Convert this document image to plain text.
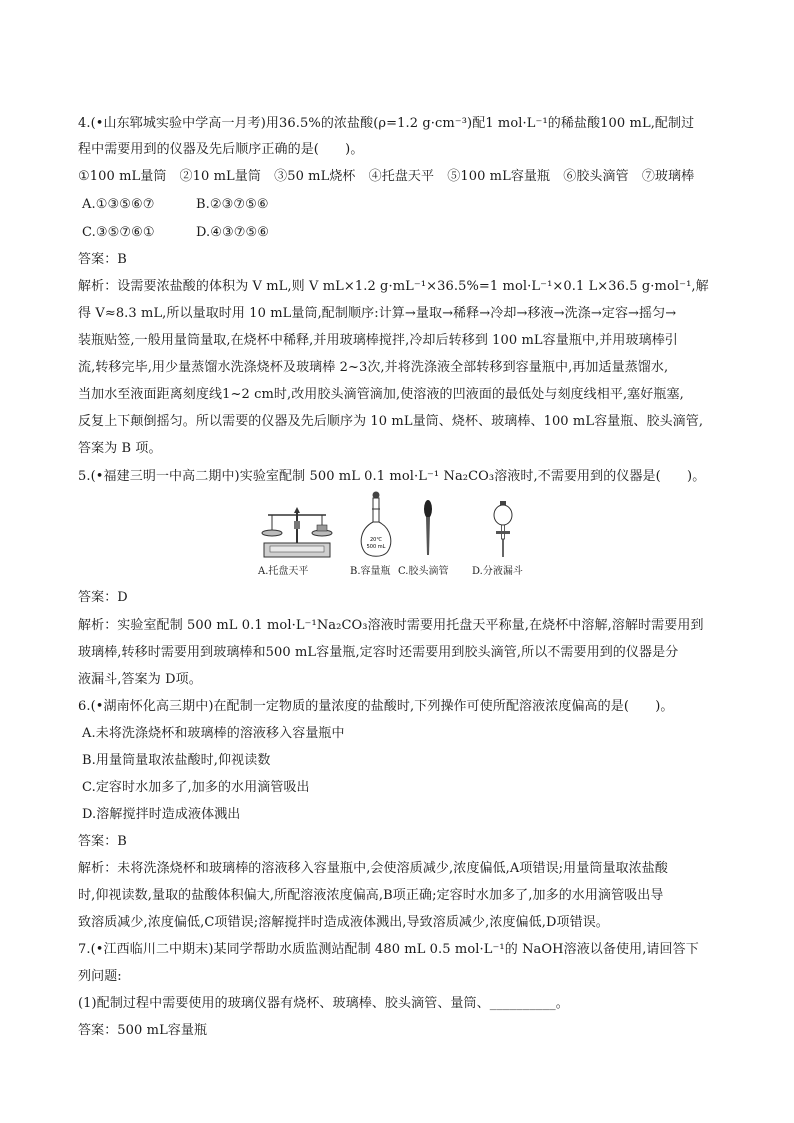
4.(•山东郓城实验中学高一月考)用36.5%的浓盐酸(ρ=1.2 g·cm⁻³)配1 mol·L⁻¹的稀盐酸100 mL,配制过
程中需要用到的仪器及先后顺序正确的是(　　)。
①100 mL量筒　②10 mL量筒　③50 mL烧杯　④托盘天平　⑤100 mL容量瓶　⑥胶头滴管　⑦玻璃棒
A.①③⑤⑥⑦	B.②③⑦⑤⑥
C.③⑤⑦⑥①	D.④③⑦⑤⑥
答案：B
解析：设需要浓盐酸的体积为 V mL,则 V mL×1.2 g·mL⁻¹×36.5%=1 mol·L⁻¹×0.1 L×36.5 g·mol⁻¹,解
得 V≈8.3 mL,所以量取时用 10 mL量筒,配制顺序:计算→量取→稀释→冷却→移液→洗涤→定容→摇匀→
装瓶贴签,一般用量筒量取,在烧杯中稀释,并用玻璃棒搅拌,冷却后转移到 100 mL容量瓶中,并用玻璃棒引
流,转移完毕,用少量蒸馏水洗涤烧杯及玻璃棒 2~3次,并将洗涤液全部转移到容量瓶中,再加适量蒸馏水,
当加水至液面距离刻度线1~2 cm时,改用胶头滴管滴加,使溶液的凹液面的最低处与刻度线相平,塞好瓶塞,
反复上下颠倒摇匀。所以需要的仪器及先后顺序为 10 mL量筒、烧杯、玻璃棒、100 mL容量瓶、胶头滴管,
答案为 B 项。
5.(•福建三明一中高二期中)实验室配制 500 mL 0.1 mol·L⁻¹ Na₂CO₃溶液时,不需要用到的仪器是(　　)。
20℃
500 mL
A.托盘天平	B.容量瓶 C.胶头滴管 D.分液漏斗
答案：D
解析：实验室配制 500 mL 0.1 mol·L⁻¹Na₂CO₃溶液时需要用托盘天平称量,在烧杯中溶解,溶解时需要用到
玻璃棒,转移时需要用到玻璃棒和500 mL容量瓶,定容时还需要用到胶头滴管,所以不需要用到的仪器是分
液漏斗,答案为 D项。
6.(•湖南怀化高三期中)在配制一定物质的量浓度的盐酸时,下列操作可使所配溶液浓度偏高的是(　　)。
A.未将洗涤烧杯和玻璃棒的溶液移入容量瓶中
B.用量筒量取浓盐酸时,仰视读数
C.定容时水加多了,加多的水用滴管吸出
D.溶解搅拌时造成液体溅出
答案：B
解析：未将洗涤烧杯和玻璃棒的溶液移入容量瓶中,会使溶质减少,浓度偏低,A项错误;用量筒量取浓盐酸
时,仰视读数,量取的盐酸体积偏大,所配溶液浓度偏高,B项正确;定容时水加多了,加多的水用滴管吸出导
致溶质减少,浓度偏低,C项错误;溶解搅拌时造成液体溅出,导致溶质减少,浓度偏低,D项错误。
7.(•江西临川二中期末)某同学帮助水质监测站配制 480 mL 0.5 mol·L⁻¹的 NaOH溶液以备使用,请回答下
列问题:
(1)配制过程中需要使用的玻璃仪器有烧杯、玻璃棒、胶头滴管、量筒、__________。
答案：500 mL容量瓶
